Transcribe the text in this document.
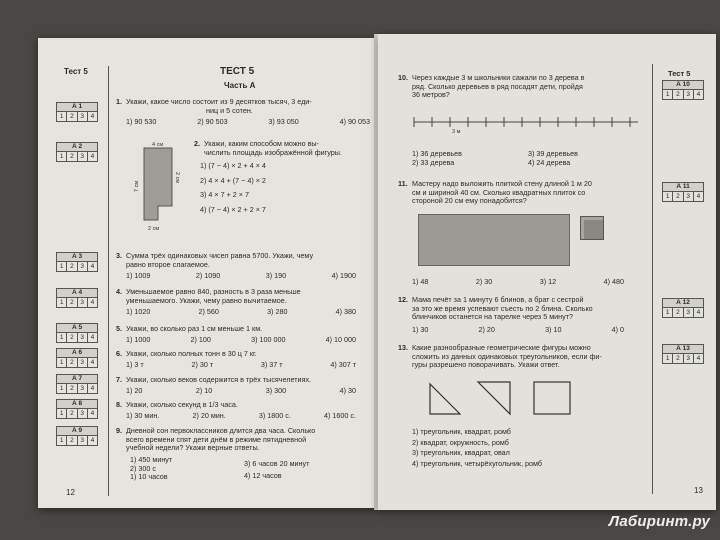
Тест 5
А 1
1	2	3	4
А 2
1	2	3	4
А 3
1	2	3	4
А 4
1	2	3	4
А 5
1	2	3	4
А 6
1	2	3	4
А 7
1	2	3	4
А 8
1	2	3	4
А 9
1	2	3	4
ТЕСТ 5
Часть А
1. Укажи, какое число состоит из 9 десятков тысяч, 3 еди-
ниц и 5 сотен.
1) 90 530	2) 90 503	3) 93 050	4) 90 053
4 см
7 см
2 см
2 см
2. Укажи, каким способом можно вы-
числить площадь изображённой фигуры.
1) (7 − 4) × 2 + 4 × 4
2) 4 × 4 + (7 − 4) × 2
3) 4 × 7 + 2 × 7
4) (7 − 4) × 2 + 2 × 7
3. Сумма трёх одинаковых чисел равна 5700. Укажи, чему
равно второе слагаемое.
1) 1009	2) 1090	3) 190	4) 1900
4. Уменьшаемое равно 840, разность в 3 раза меньше
уменьшаемого. Укажи, чему равно вычитаемое.
1) 1020	2) 560	3) 280	4) 380
5. Укажи, во сколько раз 1 см меньше 1 км.
1) 1000	2) 100	3) 100 000	4) 10 000
6. Укажи, сколько полных тонн в 30 ц 7 кг.
1) 3 т	2) 30 т	3) 37 т	4) 307 т
7. Укажи, сколько веков содержится в трёх тысячелетиях.
1) 20	2) 10	3) 300	4) 30
8. Укажи, сколько секунд в 1/3 часа.
1) 30 мин.	2) 20 мин.	3) 1800 с.	4) 1600 с.
9. Дневной сон первоклассников длится два часа. Сколько
всего времени спят дети днём в режиме пятидневной
учебной недели? Укажи верные ответы.
1) 450 минут
2) 300 с
1) 10 часов
3) 6 часов 20 минут
4) 12 часов
12
Тест 5
А 10
1	2	3	4
А 11
1	2	3	4
А 12
1	2	3	4
А 13
1	2	3	4
10. Через каждые 3 м школьники сажали по 3 дерева в
ряд. Сколько деревьев в ряд посадят дети, пройдя
36 метров?
3 м
1) 36 деревьев
2) 33 дерева
3) 39 деревьев
4) 24 дерева
11. Мастеру надо выложить плиткой стену длиной 1 м 20
см и шириной 40 см. Сколько квадратных плиток со
стороной 20 см ему понадобится?
1) 48	2) 30	3) 12	4) 480
12. Мама печёт за 1 минуту 6 блинов, а брат с сестрой
за это же время успевают съесть по 2 блина. Сколько
блинчиков останется на тарелке через 5 минут?
1) 30	2) 20	3) 10	4) 0
13. Какие разнообразные геометрические фигуры можно
сложить из данных одинаковых треугольников, если фи-
гуры разрешено поворачивать. Укажи ответ.
1) треугольник, квадрат, ромб
2) квадрат, окружность, ромб
3) треугольник, квадрат, овал
4) треугольник, четырёхугольник, ромб
13
Лабиринт.ру
